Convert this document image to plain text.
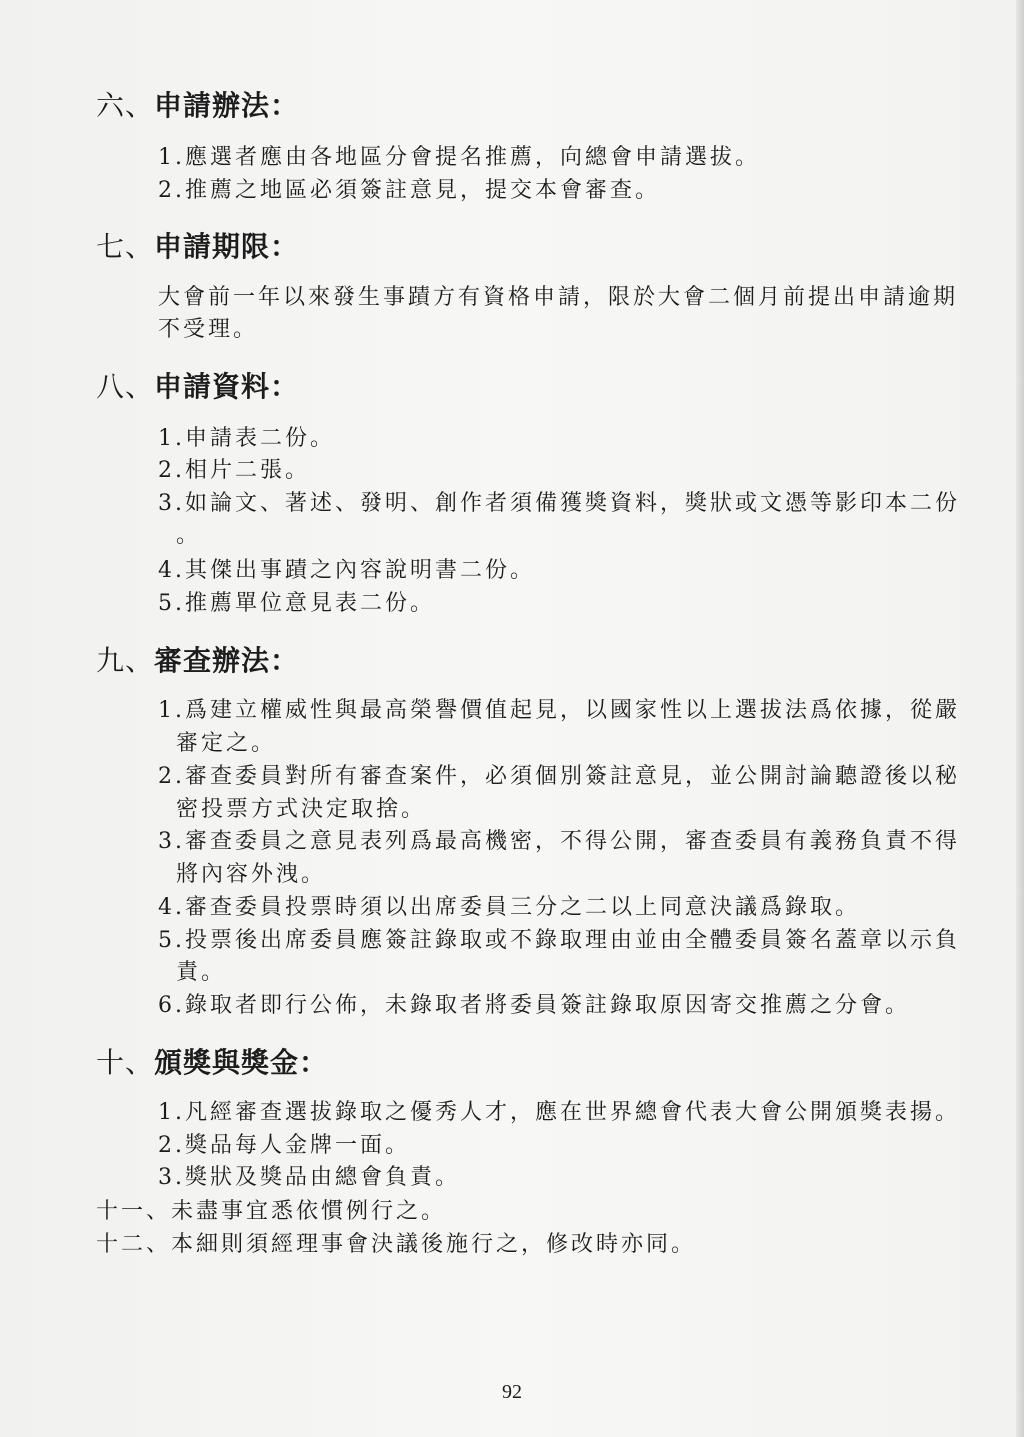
六、申請辦法：
1.應選者應由各地區分會提名推薦，向總會申請選拔。
2.推薦之地區必須簽註意見，提交本會審查。
七、申請期限：
大會前一年以來發生事蹟方有資格申請，限於大會二個月前提出申請逾期
不受理。
八、申請資料：
1.申請表二份。
2.相片二張。
3.如論文、著述、發明、創作者須備獲獎資料，獎狀或文憑等影印本二份
。
4.其傑出事蹟之內容說明書二份。
5.推薦單位意見表二份。
九、審查辦法：
1.爲建立權威性與最高榮譽價值起見，以國家性以上選拔法爲依據，從嚴
審定之。
2.審查委員對所有審查案件，必須個別簽註意見，並公開討論聽證後以秘
密投票方式決定取捨。
3.審查委員之意見表列爲最高機密，不得公開，審查委員有義務負責不得
將內容外洩。
4.審查委員投票時須以出席委員三分之二以上同意決議爲錄取。
5.投票後出席委員應簽註錄取或不錄取理由並由全體委員簽名蓋章以示負
責。
6.錄取者即行公佈，未錄取者將委員簽註錄取原因寄交推薦之分會。
十、頒獎與獎金：
1.凡經審查選拔錄取之優秀人才，應在世界總會代表大會公開頒獎表揚。
2.獎品每人金牌一面。
3.獎狀及獎品由總會負責。
十一、未盡事宜悉依慣例行之。
十二、本細則須經理事會決議後施行之，修改時亦同。
92
